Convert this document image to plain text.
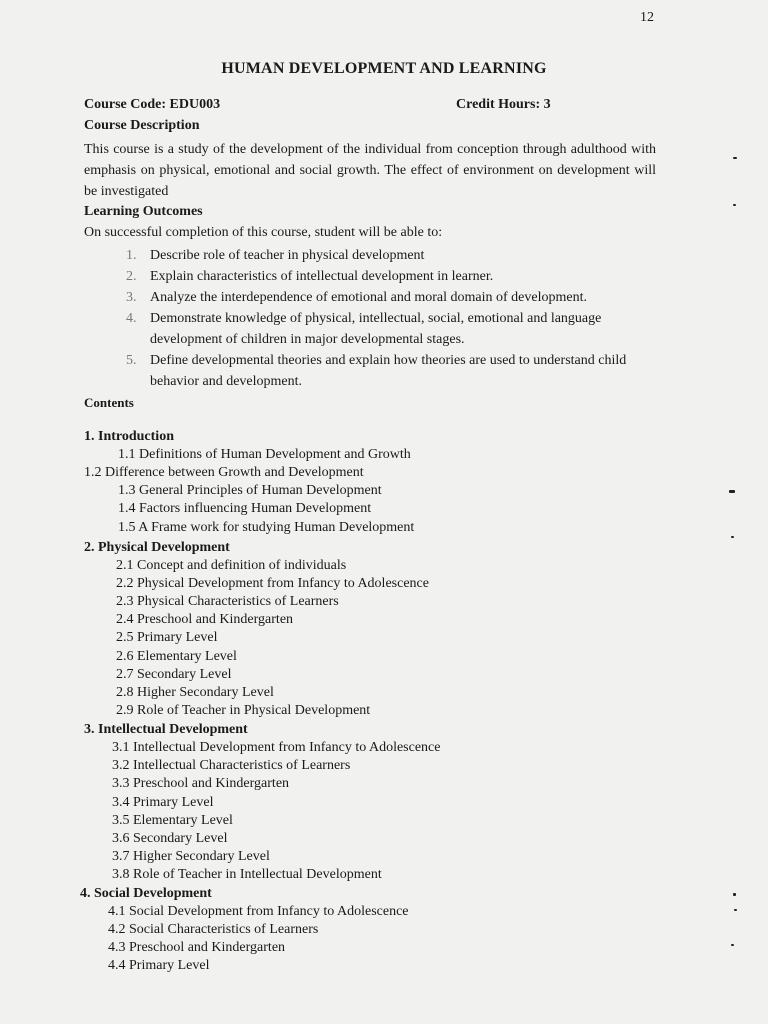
12
HUMAN DEVELOPMENT AND LEARNING
Course Code: EDU003	Credit Hours: 3
Course Description
This course is a study of the development of the individual from conception through adulthood with emphasis on physical, emotional and social growth. The effect of environment on development will be investigated
Learning Outcomes
On successful completion of this course, student will be able to:
1. Describe role of teacher in physical development
2. Explain characteristics of intellectual development in learner.
3. Analyze the interdependence of emotional and moral domain of development.
4. Demonstrate knowledge of physical, intellectual, social, emotional and language development of children in major developmental stages.
5. Define developmental theories and explain how theories are used to understand child behavior and development.
Contents
1. Introduction
1.1 Definitions of Human Development and Growth
1.2 Difference between Growth and Development
1.3 General Principles of Human Development
1.4 Factors influencing Human Development
1.5 A Frame work for studying Human Development
2. Physical Development
2.1 Concept and definition of individuals
2.2 Physical Development from Infancy to Adolescence
2.3 Physical Characteristics of Learners
2.4 Preschool and Kindergarten
2.5 Primary Level
2.6 Elementary Level
2.7 Secondary Level
2.8 Higher Secondary Level
2.9 Role of Teacher in Physical Development
3. Intellectual Development
3.1 Intellectual Development from Infancy to Adolescence
3.2 Intellectual Characteristics of Learners
3.3 Preschool and Kindergarten
3.4 Primary Level
3.5 Elementary Level
3.6 Secondary Level
3.7 Higher Secondary Level
3.8 Role of Teacher in Intellectual Development
4. Social Development
4.1 Social Development from Infancy to Adolescence
4.2 Social Characteristics of Learners
4.3 Preschool and Kindergarten
4.4 Primary Level
